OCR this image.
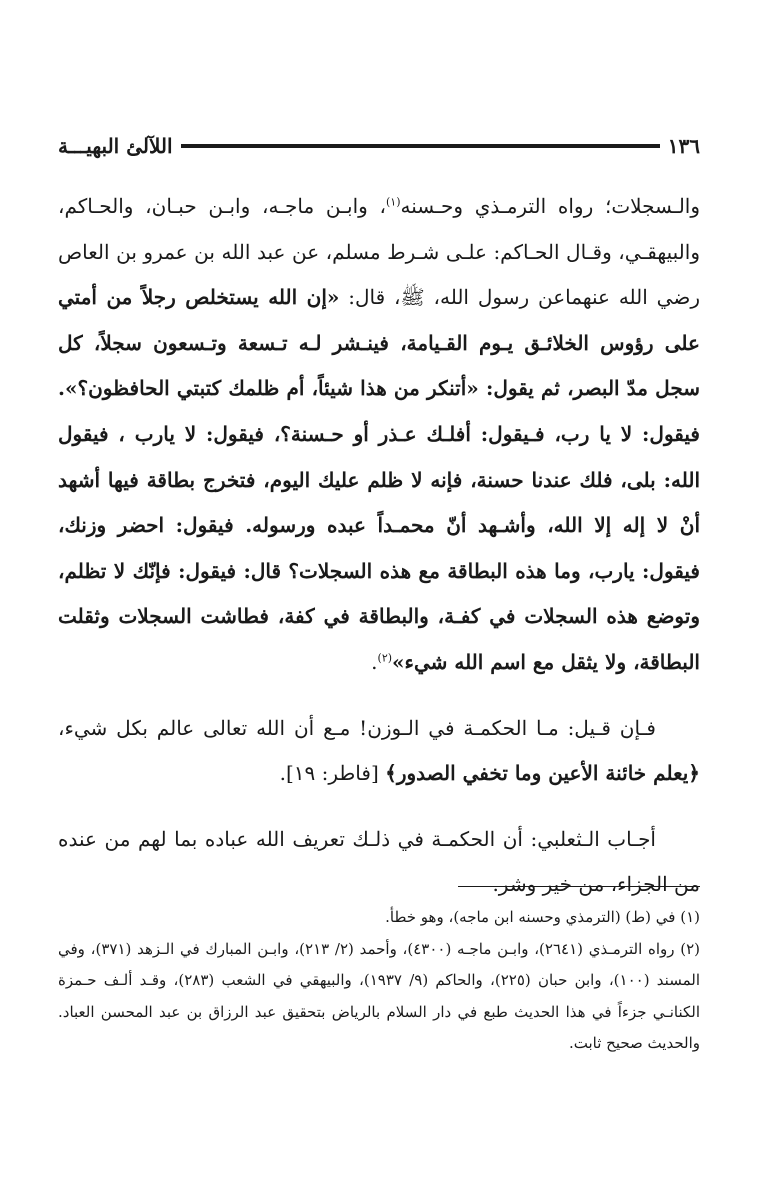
١٣٦
اللآلئ البهيـــة

والـسجلات؛ رواه الترمـذي وحـسنه$^{(١)}$، وابـن ماجـه، وابـن حبـان، والحـاكم، والبيهقـي، وقـال الحـاكم: علـى شـرط مسلم، عن عبد الله بن عمرو بن العاص رضي الله عنهماعن رسول الله، ﷺ، قال: «إن الله يستخلص رجلاً من أمتي على رؤوس الخلائـق يـوم القـيامة، فينـشر لـه تـسعة وتـسعون سجلاً، كل سجل مدّ البصر، ثم يقول: «أتنكر من هذا شيئاً، أم ظلمك كتبتي الحافظون؟». فيقول: لا يا رب، فـيقول: أفلـك عـذر أو حـسنة؟، فيقول: لا يارب ، فيقول الله: بلى، فلك عندنا حسنة، فإنه لا ظلم عليك اليوم، فتخرج بطاقة فيها أشهد أنْ لا إله إلا الله، وأشـهد أنّ محمـداً عبده ورسوله. فيقول: احضر وزنك، فيقول: يارب، وما هذه البطاقة مع هذه السجلات؟ قال: فيقول: فإنّك لا تظلم، وتوضع هذه السجلات في كفـة، والبطاقة في كفة، فطاشت السجلات وثقلت البطاقة، ولا يثقل مع اسم الله شيء»$^{(٢)}$.

فـإن قـيل: مـا الحكمـة في الـوزن! مـع أن الله تعالى عالم بكل شيء، ﴿يعلم خائنة الأعين وما تخفي الصدور﴾ [فاطر: ١٩].

أجـاب الـثعلبي: أن الحكمـة في ذلـك تعريف الله عباده بما لهم من عنده من الجزاء، من خير وشر.

(١) في (ط) (الترمذي وحسنه ابن ماجه)، وهو خطأ.

(٢) رواه الترمـذي (٢٦٤١)، وابـن ماجـه (٤٣٠٠)، وأحمد (٢/ ٢١٣)، وابـن المبارك في الـزهد (٣٧١)، وفي المسند (١٠٠)، وابن حبان (٢٢٥)، والحاكم (٩/ ١٩٣٧)، والبيهقي في الشعب (٢٨٣)، وقـد ألـف حـمزة الكنانـي جزءاً في هذا الحديث طبع في دار السلام بالرياض بتحقيق عبد الرزاق بن عبد المحسن العباد. والحديث صحيح ثابت.
